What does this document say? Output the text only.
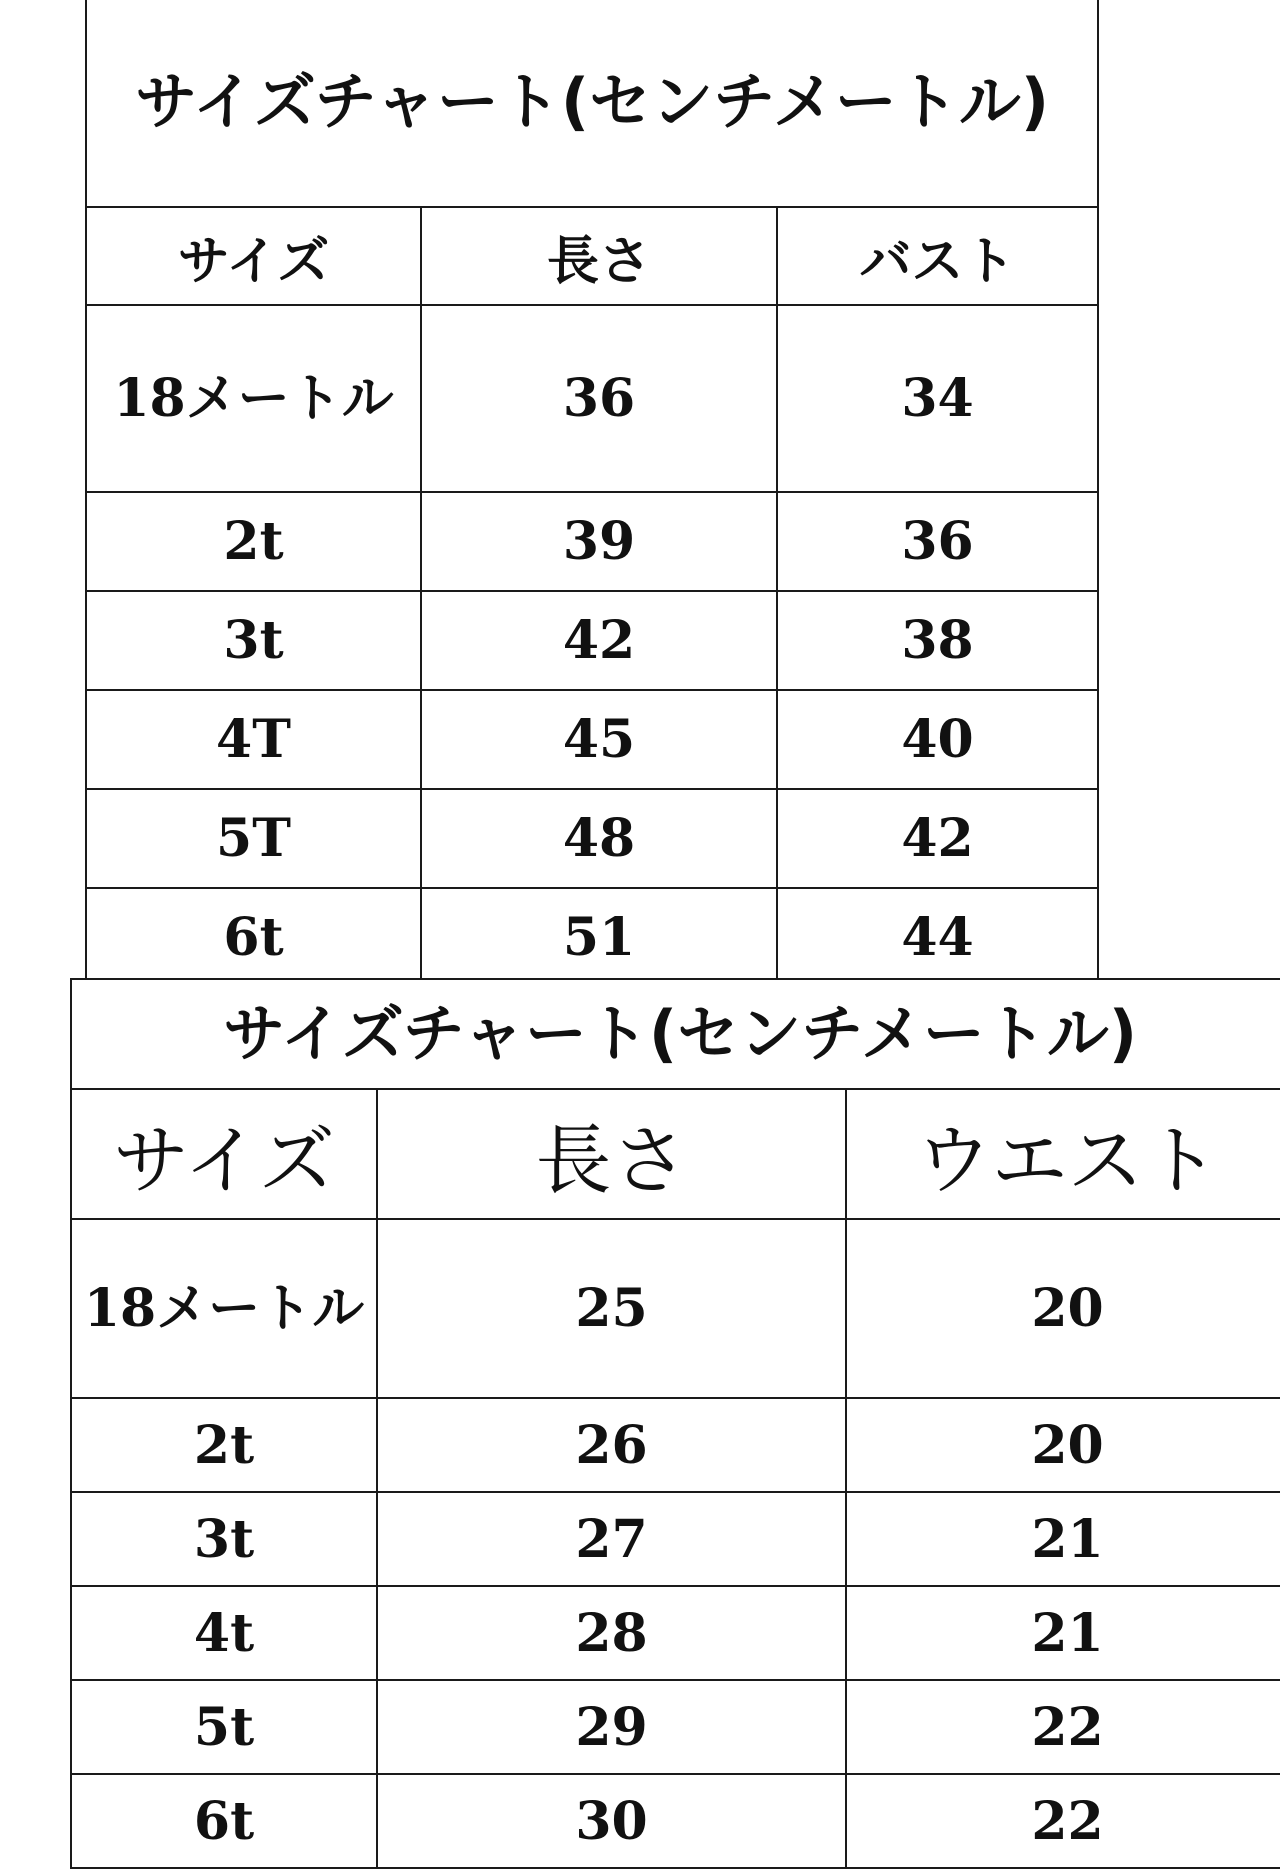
サイズチャート(センチメートル)		
サイズ	長さ	バスト
18メートル	36	34
2t	39	36
3t	42	38
4T	45	40
5T	48	42
6t	51	44
サイズチャート(センチメートル)		
サイズ	長さ	ウエスト
18メートル	25	20
2t	26	20
3t	27	21
4t	28	21
5t	29	22
6t	30	22
